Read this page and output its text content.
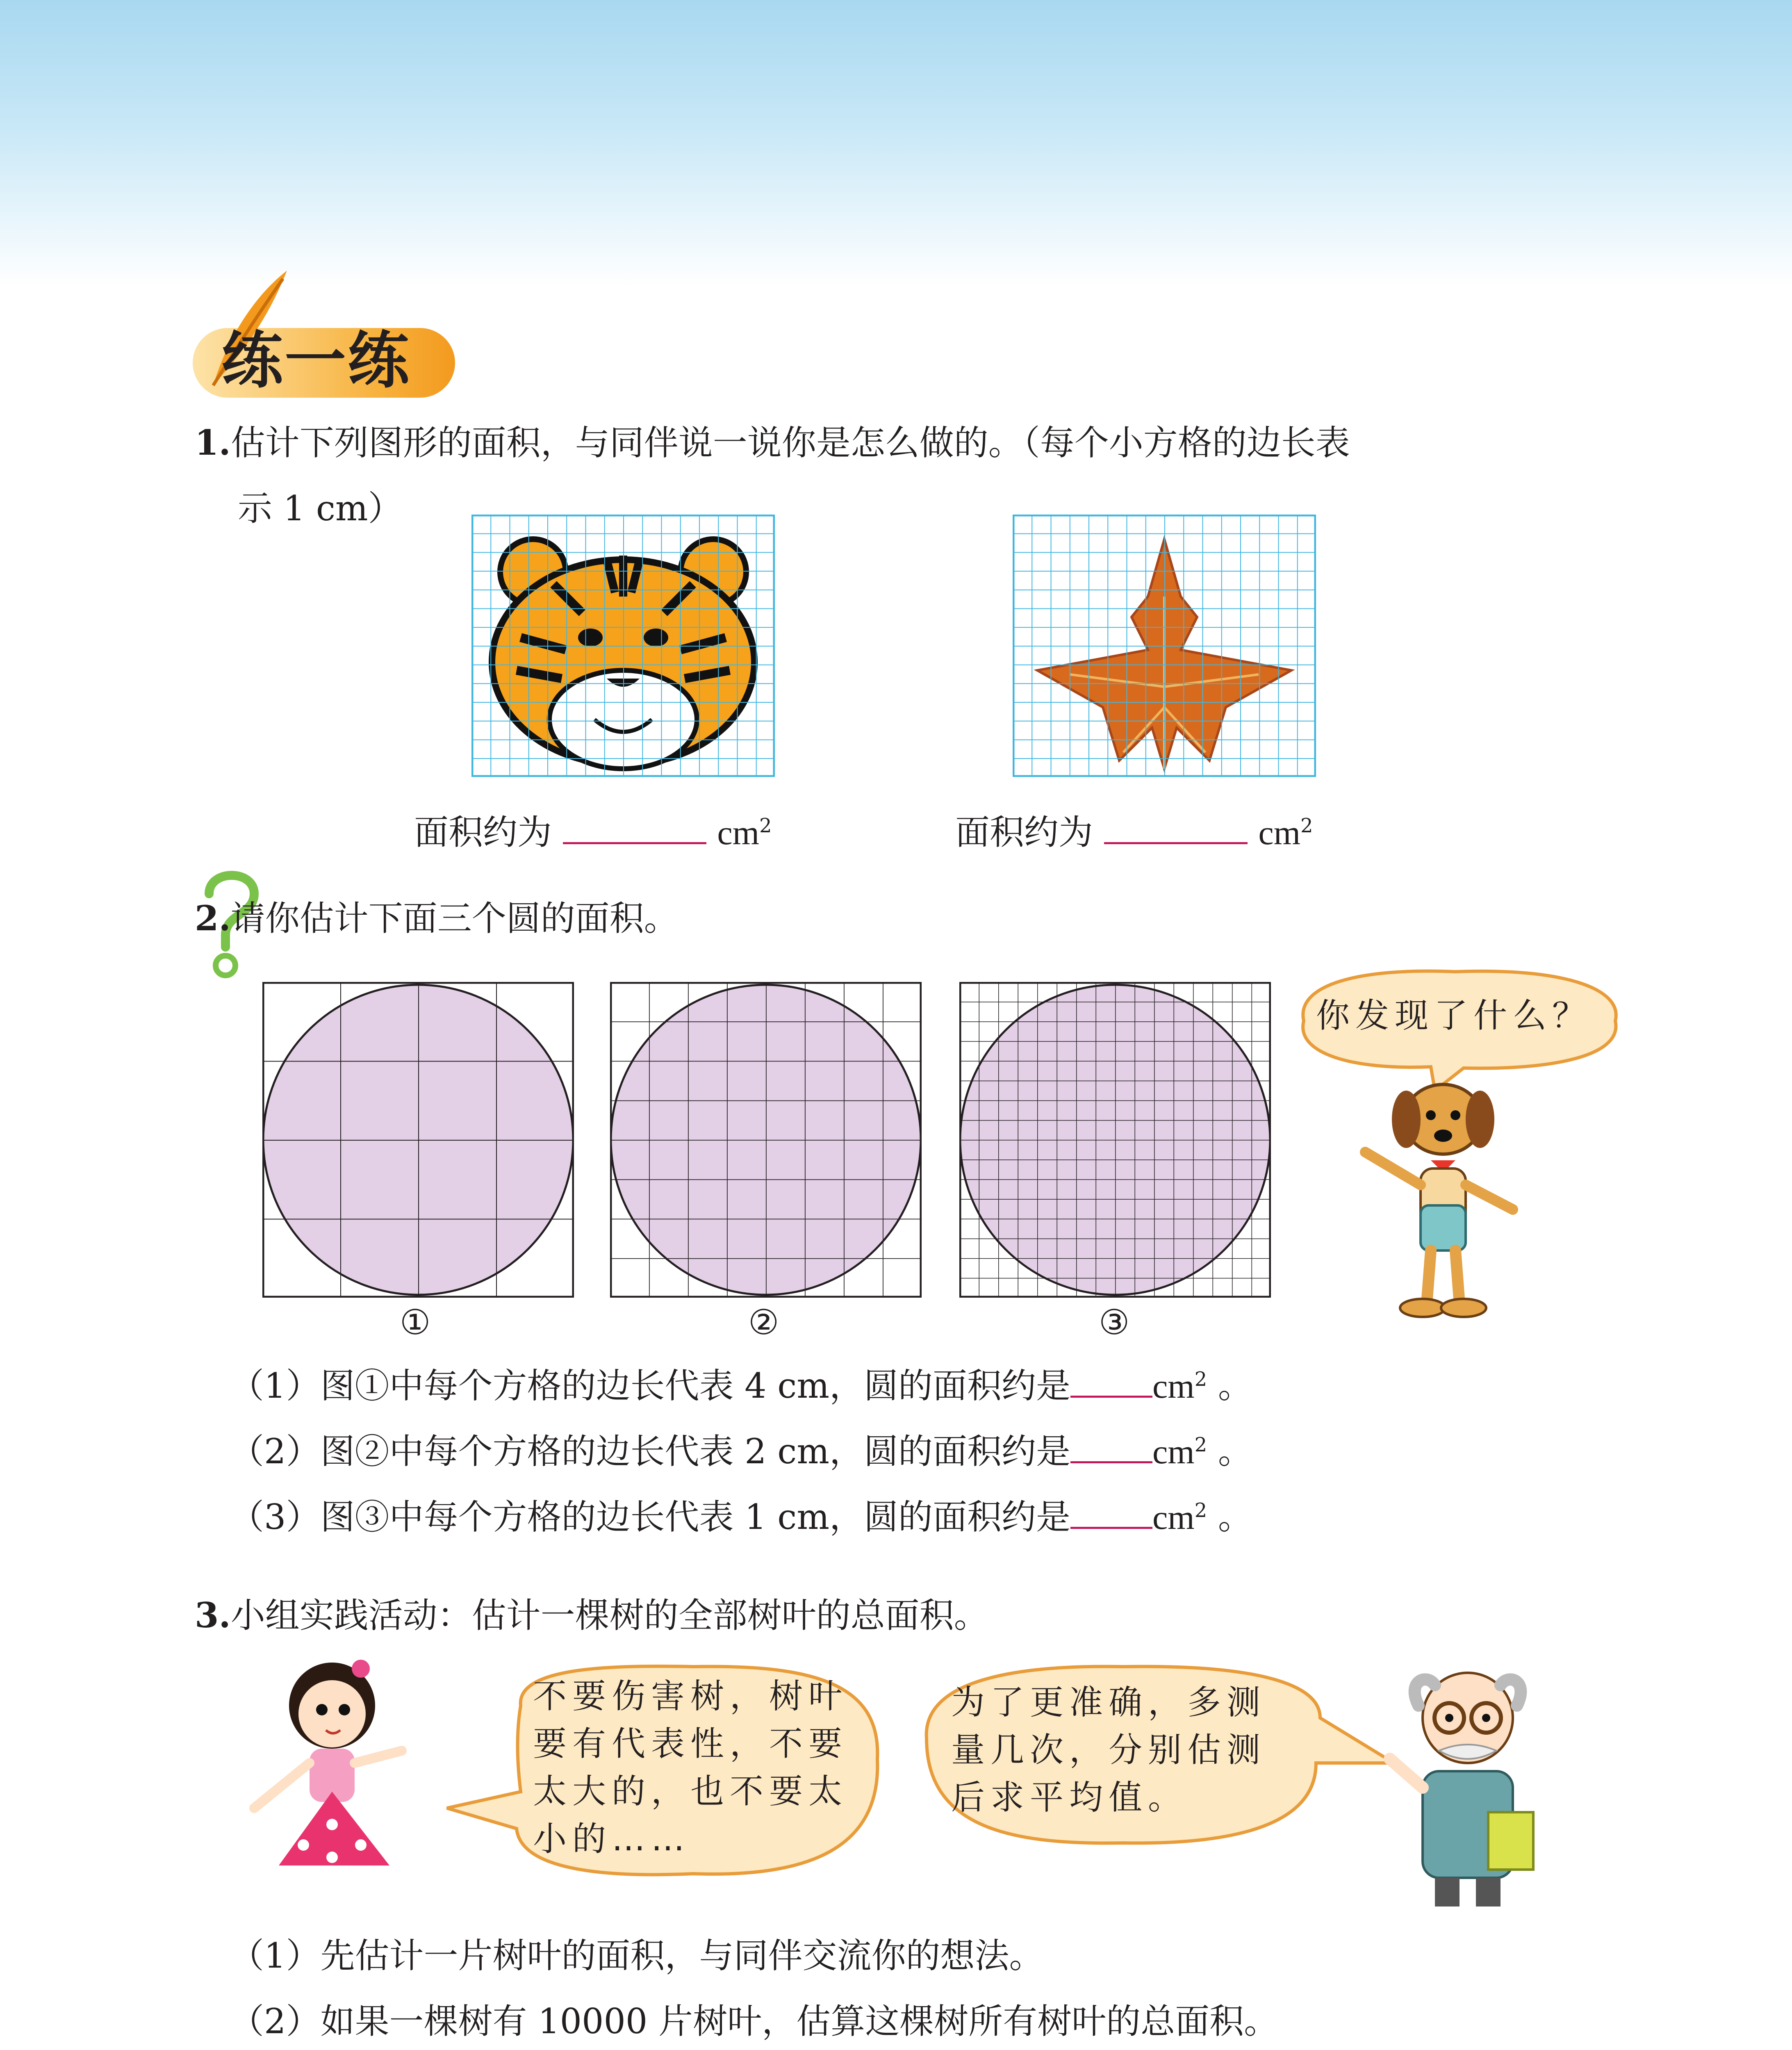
练一练
1.估计下列图形的面积，与同伴说一说你是怎么做的。（每个小方格的边长表
示 1 cm）
面积约为	$cm^2$	面积约为	$cm^2$
2.请你估计下面三个圆的面积。
①	②	③
你发现了什么？
（1）图①中每个方格的边长代表 4 cm，圆的面积约是 $cm^2$ 。
（2）图②中每个方格的边长代表 2 cm，圆的面积约是 $cm^2$ 。
（3）图③中每个方格的边长代表 1 cm，圆的面积约是 $cm^2$ 。
3.小组实践活动：估计一棵树的全部树叶的总面积。
不要伤害树，树叶
要有代表性，不要
太大的，也不要太
小的……
为了更准确，多测
量几次，分别估测
后求平均值。
（1）先估计一片树叶的面积，与同伴交流你的想法。
（2）如果一棵树有 10000 片树叶，估算这棵树所有树叶的总面积。
